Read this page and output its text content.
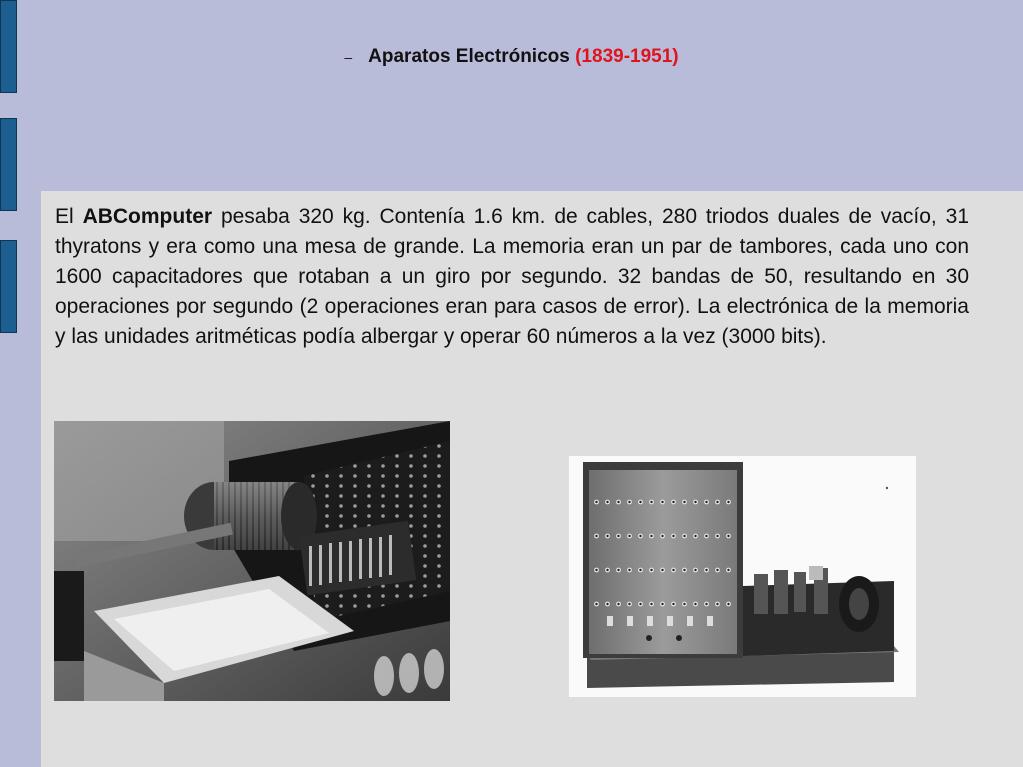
– Aparatos Electrónicos (1839-1951)
El ABComputer pesaba 320 kg. Contenía 1.6 km. de cables, 280 triodos duales de vacío, 31 thyratons y era como una mesa de grande. La memoria eran un par de tambores, cada uno con 1600 capacitadores que rotaban a un giro por segundo. 32 bandas de 50, resultando en 30 operaciones por segundo (2 operaciones eran para casos de error). La electrónica de la memoria y las unidades aritméticas podía albergar y operar 60 números a la vez (3000 bits).
